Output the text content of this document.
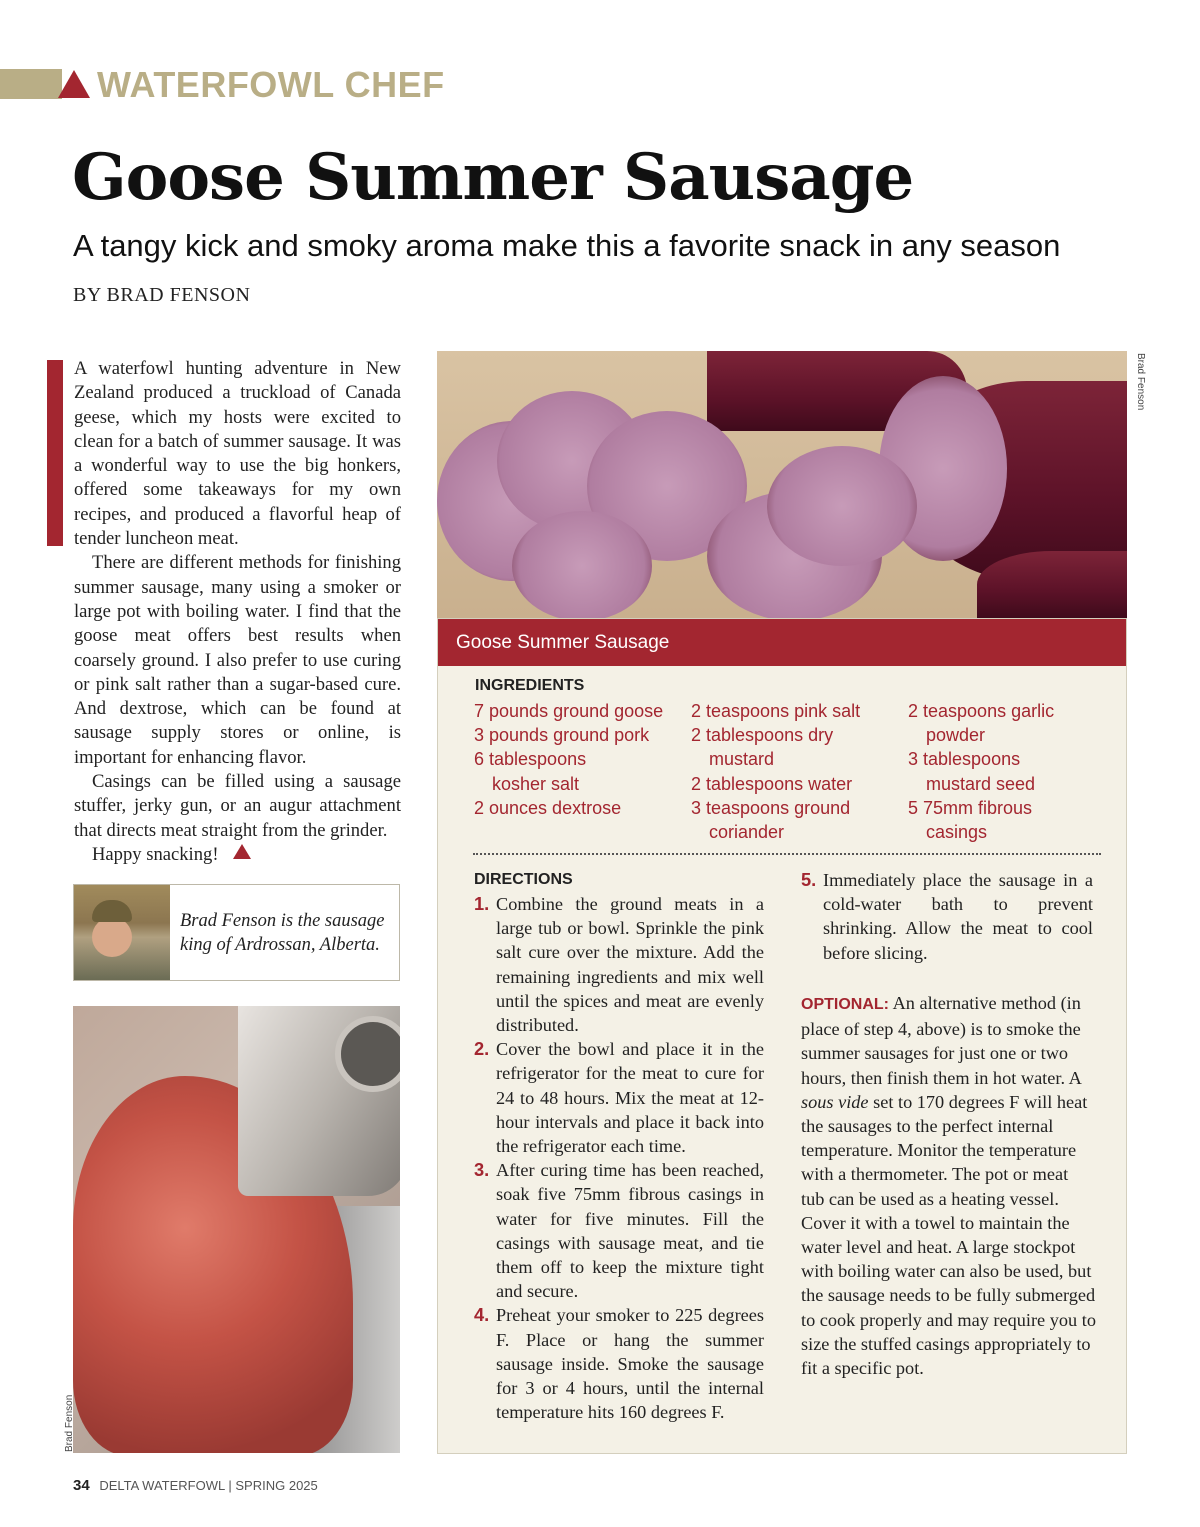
WATERFOWL CHEF
Goose Summer Sausage
A tangy kick and smoky aroma make this a favorite snack in any season
BY BRAD FENSON

A waterfowl hunting adventure in New Zealand produced a truckload of Canada geese, which my hosts were excited to clean for a batch of summer sausage. It was a wonderful way to use the big honkers, offered some takeaways for my own recipes, and produced a flavorful heap of tender luncheon meat.

There are different methods for finishing summer sausage, many using a smoker or large pot with boiling water. I find that the goose meat offers best results when coarsely ground. I also prefer to use curing or pink salt rather than a sugar-based cure. And dextrose, which can be found at sausage supply stores or online, is important for enhancing flavor.

Casings can be filled using a sausage stuffer, jerky gun, or an augur attachment that directs meat straight from the grinder.

Happy snacking!

Brad Fenson is the sausage
king of Ardrossan, Alberta.
Brad Fenson
Brad Fenson
Goose Summer Sausage
INGREDIENTS
7 pounds ground goose
3 pounds ground pork
6 tablespoons kosher salt
2 ounces dextrose
2 teaspoons pink salt
2 tablespoons dry mustard
2 tablespoons water
3 teaspoons ground coriander
2 teaspoons garlic powder
3 tablespoons mustard seed
5 75mm fibrous casings
DIRECTIONS
1. Combine the ground meats in a large tub or bowl. Sprinkle the pink salt cure over the mixture. Add the remaining ingredients and mix well until the spices and meat are evenly distributed.
2. Cover the bowl and place it in the refrigerator for the meat to cure for 24 to 48 hours. Mix the meat at 12-hour intervals and place it back into the refrigerator each time.
3. After curing time has been reached, soak five 75mm fibrous casings in water for five minutes. Fill the casings with sausage meat, and tie them off to keep the mixture tight and secure.
4. Preheat your smoker to 225 degrees F. Place or hang the summer sausage inside. Smoke the sausage for 3 or 4 hours, until the internal temperature hits 160 degrees F.
5. Immediately place the sausage in a cold-water bath to prevent shrinking. Allow the meat to cool before slicing.
OPTIONAL: An alternative method (in place of step 4, above) is to smoke the summer sausages for just one or two hours, then finish them in hot water. A sous vide set to 170 degrees F will heat the sausages to the perfect internal temperature. Monitor the temperature with a thermometer. The pot or meat tub can be used as a heating vessel. Cover it with a towel to maintain the water level and heat. A large stockpot with boiling water can also be used, but the sausage needs to be fully submerged to cook properly and may require you to size the stuffed casings appropriately to fit a specific pot.
34 DELTA WATERFOWL | SPRING 2025
